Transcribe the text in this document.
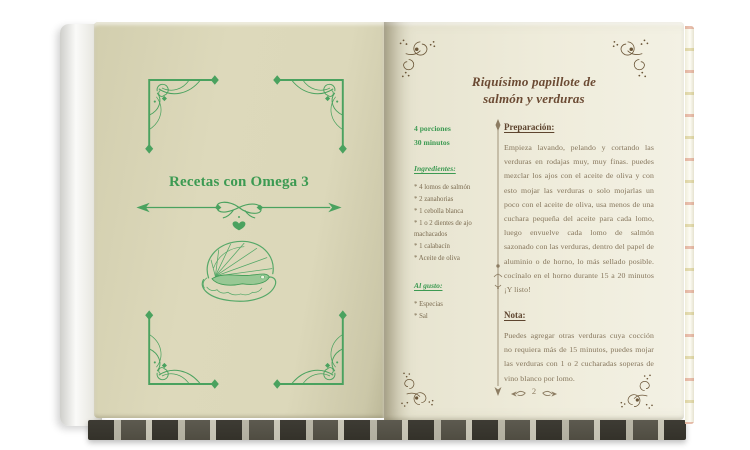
Recetas con Omega 3
Riquísimo papillote de
salmón y verduras
4 porciones
30 minutos
Ingredientes:
* 4 lomos de salmón
* 2 zanahorias
* 1 cebolla blanca
* 1 o 2 dientes de ajo machacados
* 1 calabacín
* Aceite de oliva
Al gusto:
* Especias
* Sal
Preparación:

Empieza lavando, pelando y cortando las verduras en rodajas muy, muy finas. puedes mezclar los ajos con el aceite de oliva y con esto mojar las verduras o solo mojarlas un poco con el aceite de oliva, usa menos de una cuchara pequeña del aceite para cada lomo, luego envuelve cada lomo de salmón sazonado con las verduras, dentro del papel de aluminio o de horno, lo más sellado posible. cocínalo en el horno durante 15 a 20 minutos ¡Y listo!

Nota:

Puedes agregar otras verduras cuya cocción no requiera más de 15 minutos, puedes mojar las verduras con 1 o 2 cucharadas soperas de vino blanco por lomo.

2
